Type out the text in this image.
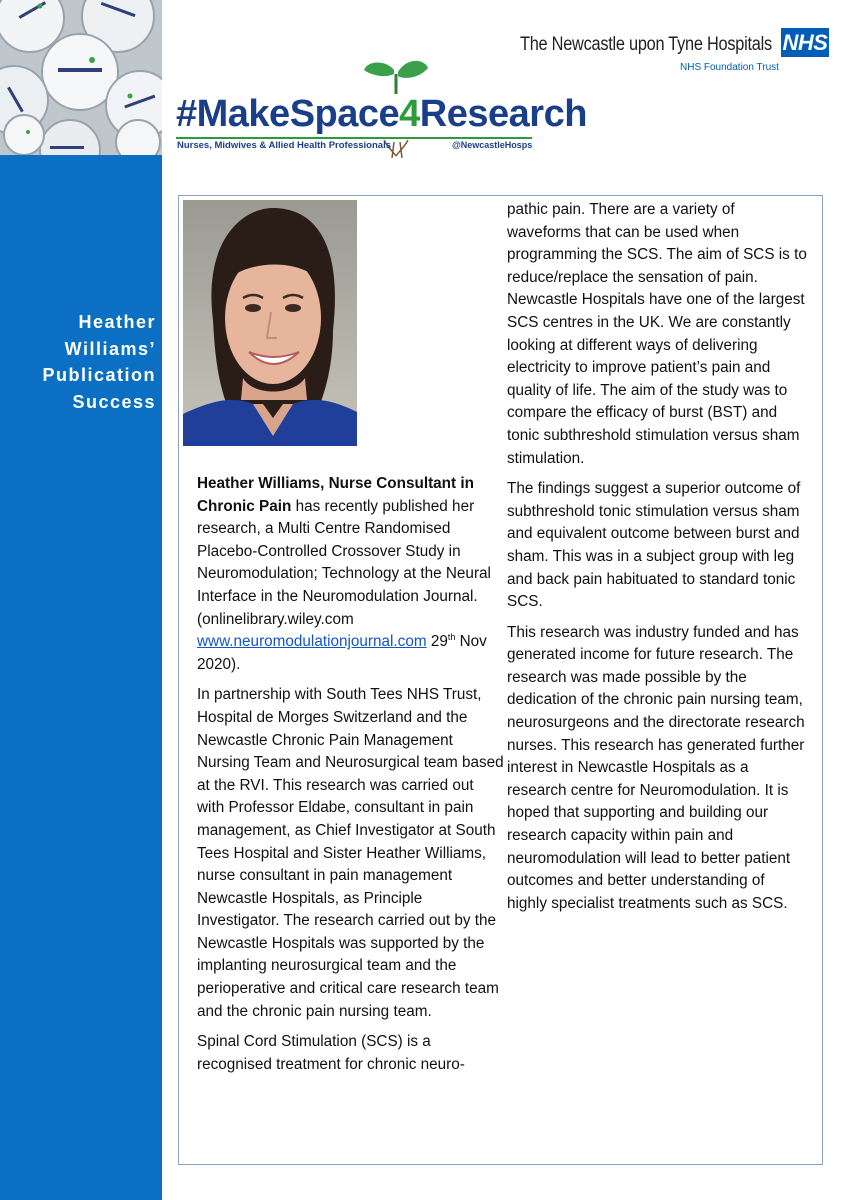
Heather
Williams’
Publication
Success
#MakeSpace4Research
Nurses, Midwives & Allied Health Professionals	@NewcastleHosps
The Newcastle upon Tyne Hospitals NHS
NHS Foundation Trust

Heather Williams, Nurse Consultant in Chronic Pain has recently published her research, a Multi Centre Randomised Placebo-Controlled Crossover Study in Neuromodulation; Technology at the Neural Interface in the Neuromodulation Journal. (onlinelibrary.wiley.com www.neuromodulationjournal.com 29th Nov 2020).

In partnership with South Tees NHS Trust, Hospital de Morges Switzerland and the Newcastle Chronic Pain Management Nursing Team and Neurosurgical team based at the RVI. This research was carried out with Professor Eldabe, consultant in pain management, as Chief Investigator at South Tees Hospital and Sister Heather Williams, nurse consultant in pain management Newcastle Hospitals, as Principle Investigator. The research carried out by the Newcastle Hospitals was supported by the implanting neurosurgical team and the perioperative and critical care research team and the chronic pain nursing team.

Spinal Cord Stimulation (SCS) is a recognised treatment for chronic neuro-

pathic pain. There are a variety of waveforms that can be used when programming the SCS. The aim of SCS is to reduce/replace the sensation of pain. Newcastle Hospitals have one of the largest SCS centres in the UK. We are constantly looking at different ways of delivering electricity to improve patient’s pain and quality of life. The aim of the study was to compare the efficacy of burst (BST) and tonic subthreshold stimulation versus sham stimulation.

The findings suggest a superior outcome of subthreshold tonic stimulation versus sham and equivalent outcome between burst and sham. This was in a subject group with leg and back pain habituated to standard tonic SCS.

This research was industry funded and has generated income for future research. The research was made possible by the dedication of the chronic pain nursing team, neurosurgeons and the directorate research nurses. This research has generated further interest in Newcastle Hospitals as a research centre for Neuromodulation. It is hoped that supporting and building our research capacity within pain and neuromodulation will lead to better patient outcomes and better understanding of highly specialist treatments such as SCS.
